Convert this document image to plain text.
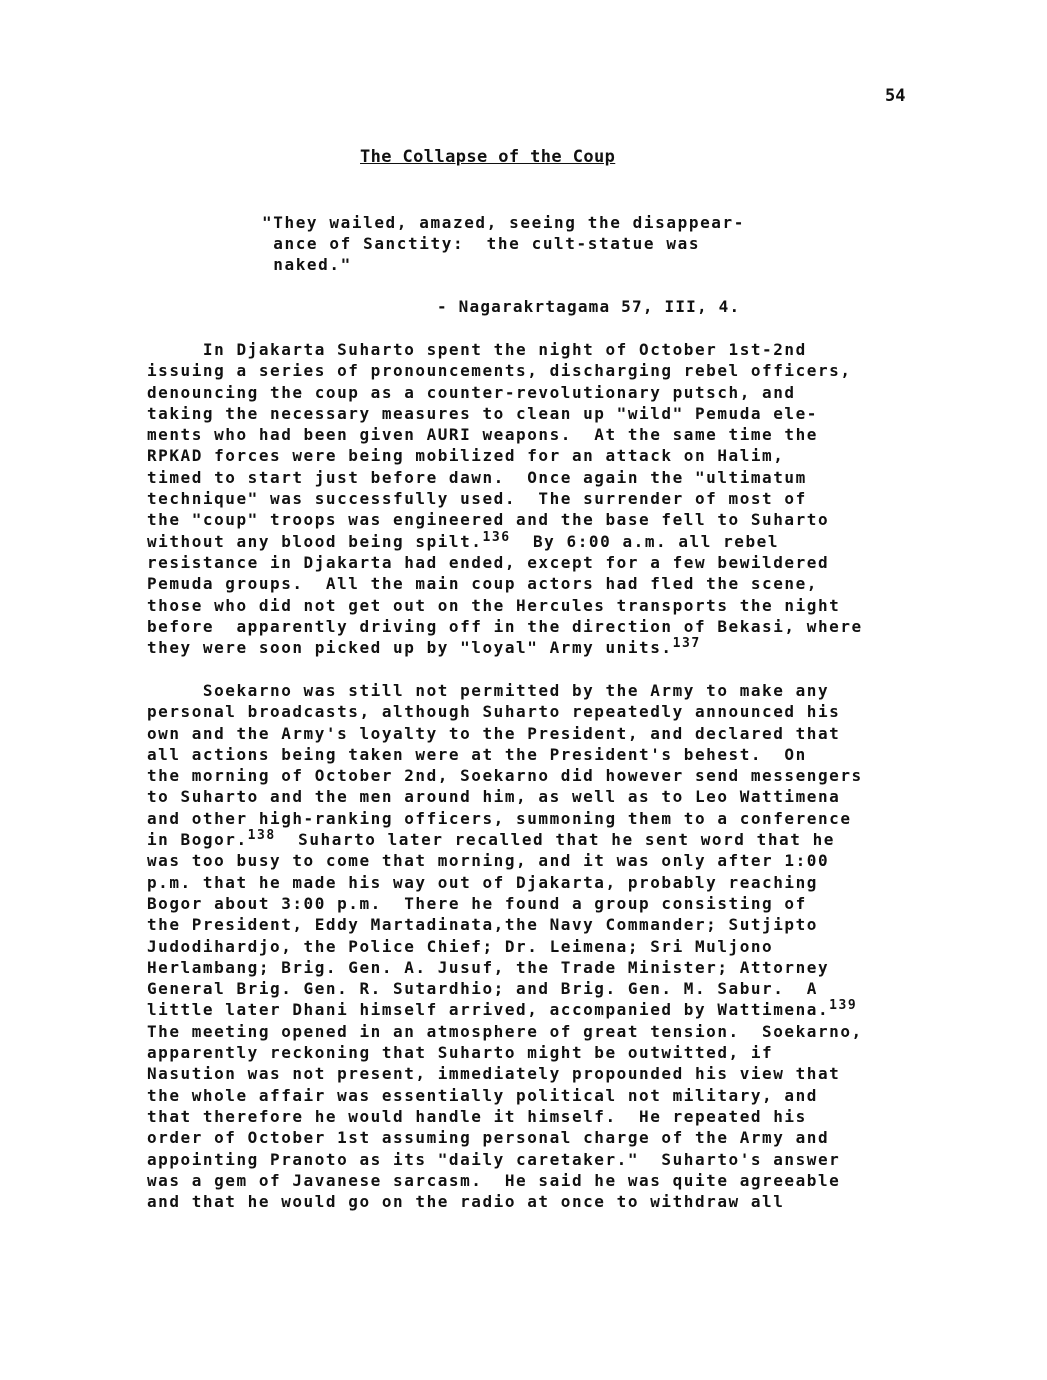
54
The Collapse of the Coup
"They wailed, amazed, seeing the disappear-
ance of Sanctity:  the cult-statue was
naked."
- Nagarakrtagama 57, III, 4.
In Djakarta Suharto spent the night of October 1st-2nd
issuing a series of pronouncements, discharging rebel officers,
denouncing the coup as a counter-revolutionary putsch, and
taking the necessary measures to clean up "wild" Pemuda ele-
ments who had been given AURI weapons.  At the same time the
RPKAD forces were being mobilized for an attack on Halim,
timed to start just before dawn.  Once again the "ultimatum
technique" was successfully used.  The surrender of most of
the "coup" troops was engineered and the base fell to Suharto
without any blood being spilt.$^{136}$  By 6:00 a.m. all rebel
resistance in Djakarta had ended, except for a few bewildered
Pemuda groups.  All the main coup actors had fled the scene,
those who did not get out on the Hercules transports the night
before  apparently driving off in the direction of Bekasi, where
they were soon picked up by "loyal" Army units.$^{137}$
Soekarno was still not permitted by the Army to make any
personal broadcasts, although Suharto repeatedly announced his
own and the Army's loyalty to the President, and declared that
all actions being taken were at the President's behest.  On
the morning of October 2nd, Soekarno did however send messengers
to Suharto and the men around him, as well as to Leo Wattimena
and other high-ranking officers, summoning them to a conference
in Bogor.$^{138}$  Suharto later recalled that he sent word that he
was too busy to come that morning, and it was only after 1:00
p.m. that he made his way out of Djakarta, probably reaching
Bogor about 3:00 p.m.  There he found a group consisting of
the President, Eddy Martadinata,the Navy Commander; Sutjipto
Judodihardjo, the Police Chief; Dr. Leimena; Sri Muljono
Herlambang; Brig. Gen. A. Jusuf, the Trade Minister; Attorney
General Brig. Gen. R. Sutardhio; and Brig. Gen. M. Sabur.  A
little later Dhani himself arrived, accompanied by Wattimena.$^{139}$
The meeting opened in an atmosphere of great tension.  Soekarno,
apparently reckoning that Suharto might be outwitted, if
Nasution was not present, immediately propounded his view that
the whole affair was essentially political not military, and
that therefore he would handle it himself.  He repeated his
order of October 1st assuming personal charge of the Army and
appointing Pranoto as its "daily caretaker."  Suharto's answer
was a gem of Javanese sarcasm.  He said he was quite agreeable
and that he would go on the radio at once to withdraw all
